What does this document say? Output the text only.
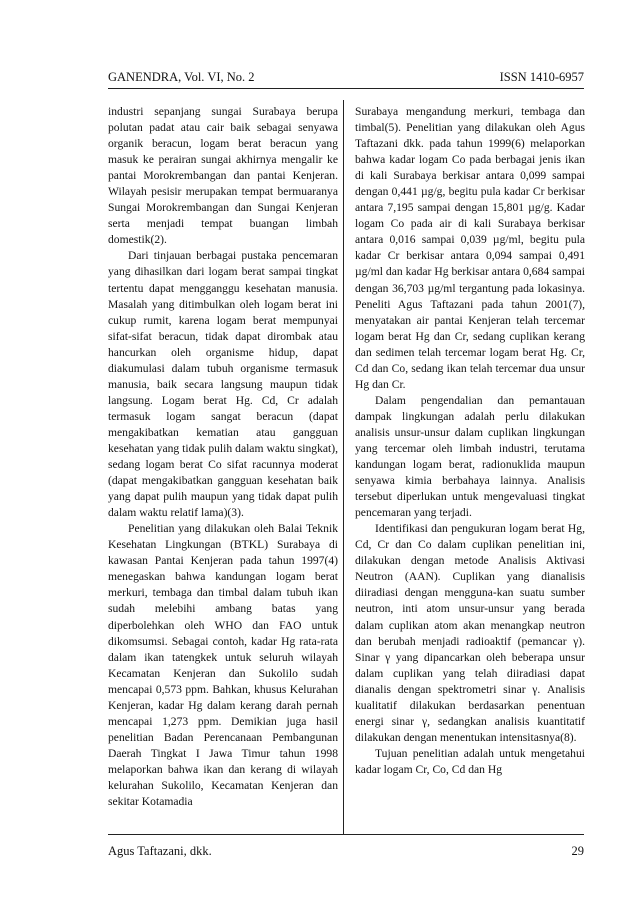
GANENDRA, Vol. VI, No. 2	ISSN 1410-6957

industri sepanjang sungai Surabaya berupa polutan padat atau cair baik sebagai senyawa organik beracun, logam berat beracun yang masuk ke perairan sungai akhirnya mengalir ke pantai Morokrembangan dan pantai Kenjeran. Wilayah pesisir merupakan tempat bermuaranya Sungai Morokrembangan dan Sungai Kenjeran serta menjadi tempat buangan limbah domestik(2).

Dari tinjauan berbagai pustaka pencemaran yang dihasilkan dari logam berat sampai tingkat tertentu dapat mengganggu kesehatan manusia. Masalah yang ditimbulkan oleh logam berat ini cukup rumit, karena logam berat mempunyai sifat-sifat beracun, tidak dapat dirombak atau hancurkan oleh organisme hidup, dapat diakumulasi dalam tubuh organisme termasuk manusia, baik secara langsung maupun tidak langsung. Logam berat Hg. Cd, Cr adalah termasuk logam sangat beracun (dapat mengakibatkan kematian atau gangguan kesehatan yang tidak pulih dalam waktu singkat), sedang logam berat Co sifat racunnya moderat (dapat mengakibatkan gangguan kesehatan baik yang dapat pulih maupun yang tidak dapat pulih dalam waktu relatif lama)(3).

Penelitian yang dilakukan oleh Balai Teknik Kesehatan Lingkungan (BTKL) Surabaya di kawasan Pantai Kenjeran pada tahun 1997(4) menegaskan bahwa kandungan logam berat merkuri, tembaga dan timbal dalam tubuh ikan sudah melebihi ambang batas yang diperbolehkan oleh WHO dan FAO untuk dikomsumsi. Sebagai contoh, kadar Hg rata-rata dalam ikan tatengkek untuk seluruh wilayah Kecamatan Kenjeran dan Sukolilo sudah mencapai 0,573 ppm. Bahkan, khusus Kelurahan Kenjeran, kadar Hg dalam kerang darah pernah mencapai 1,273 ppm. Demikian juga hasil penelitian Badan Perencanaan Pembangunan Daerah Tingkat I Jawa Timur tahun 1998 melaporkan bahwa ikan dan kerang di wilayah kelurahan Sukolilo, Kecamatan Kenjeran dan sekitar Kotamadia

Surabaya mengandung merkuri, tembaga dan timbal(5). Penelitian yang dilakukan oleh Agus Taftazani dkk. pada tahun 1999(6) melaporkan bahwa kadar logam Co pada berbagai jenis ikan di kali Surabaya berkisar antara 0,099 sampai dengan 0,441 µg/g, begitu pula kadar Cr berkisar antara 7,195 sampai dengan 15,801 µg/g. Kadar logam Co pada air di kali Surabaya berkisar antara 0,016 sampai 0,039 µg/ml, begitu pula kadar Cr berkisar antara 0,094 sampai 0,491 µg/ml dan kadar Hg berkisar antara 0,684 sampai dengan 36,703 µg/ml tergantung pada lokasinya. Peneliti Agus Taftazani pada tahun 2001(7), menyatakan air pantai Kenjeran telah tercemar logam berat Hg dan Cr, sedang cuplikan kerang dan sedimen telah tercemar logam berat Hg. Cr, Cd dan Co, sedang ikan telah tercemar dua unsur Hg dan Cr.

Dalam pengendalian dan pemantauan dampak lingkungan adalah perlu dilakukan analisis unsur-unsur dalam cuplikan lingkungan yang tercemar oleh limbah industri, terutama kandungan logam berat, radionuklida maupun senyawa kimia berbahaya lainnya. Analisis tersebut diperlukan untuk mengevaluasi tingkat pencemaran yang terjadi.

Identifikasi dan pengukuran logam berat Hg, Cd, Cr dan Co dalam cuplikan penelitian ini, dilakukan dengan metode Analisis Aktivasi Neutron (AAN). Cuplikan yang dianalisis diiradiasi dengan mengguna-kan suatu sumber neutron, inti atom unsur-unsur yang berada dalam cuplikan atom akan menangkap neutron dan berubah menjadi radioaktif (pemancar γ). Sinar γ yang dipancarkan oleh beberapa unsur dalam cuplikan yang telah diiradiasi dapat dianalis dengan spektrometri sinar γ. Analisis kualitatif dilakukan berdasarkan penentuan energi sinar γ, sedangkan analisis kuantitatif dilakukan dengan menentukan intensitasnya(8).

Tujuan penelitian adalah untuk mengetahui kadar logam Cr, Co, Cd dan Hg

Agus Taftazani, dkk.	29
